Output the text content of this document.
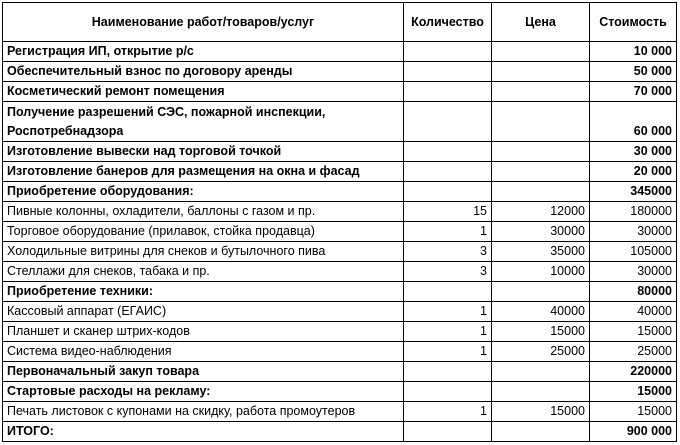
Наименование работ/товаров/услуг	Количество	Цена	Стоимость
Регистрация ИП, открытие р/с			10 000
Обеспечительный взнос по договору аренды			50 000
Косметический ремонт помещения			70 000
Получение разрешений СЭС, пожарной инспекции, Роспотребнадзора			60 000
Изготовление вывески над торговой точкой			30 000
Изготовление банеров для размещения на окна и фасад			20 000
Приобретение оборудования:			345000
Пивные колонны, охладители, баллоны с газом и пр.	15	12000	180000
Торговое оборудование (прилавок, стойка продавца)	1	30000	30000
Холодильные витрины для снеков и бутылочного пива	3	35000	105000
Стеллажи для снеков, табака и пр.	3	10000	30000
Приобретение техники:			80000
Кассовый аппарат (ЕГАИС)	1	40000	40000
Планшет и сканер штрих-кодов	1	15000	15000
Система видео-наблюдения	1	25000	25000
Первоначальный закуп товара			220000
Стартовые расходы на рекламу:			15000
Печать листовок с купонами на скидку, работа промоутеров	1	15000	15000
ИТОГО:			900 000
